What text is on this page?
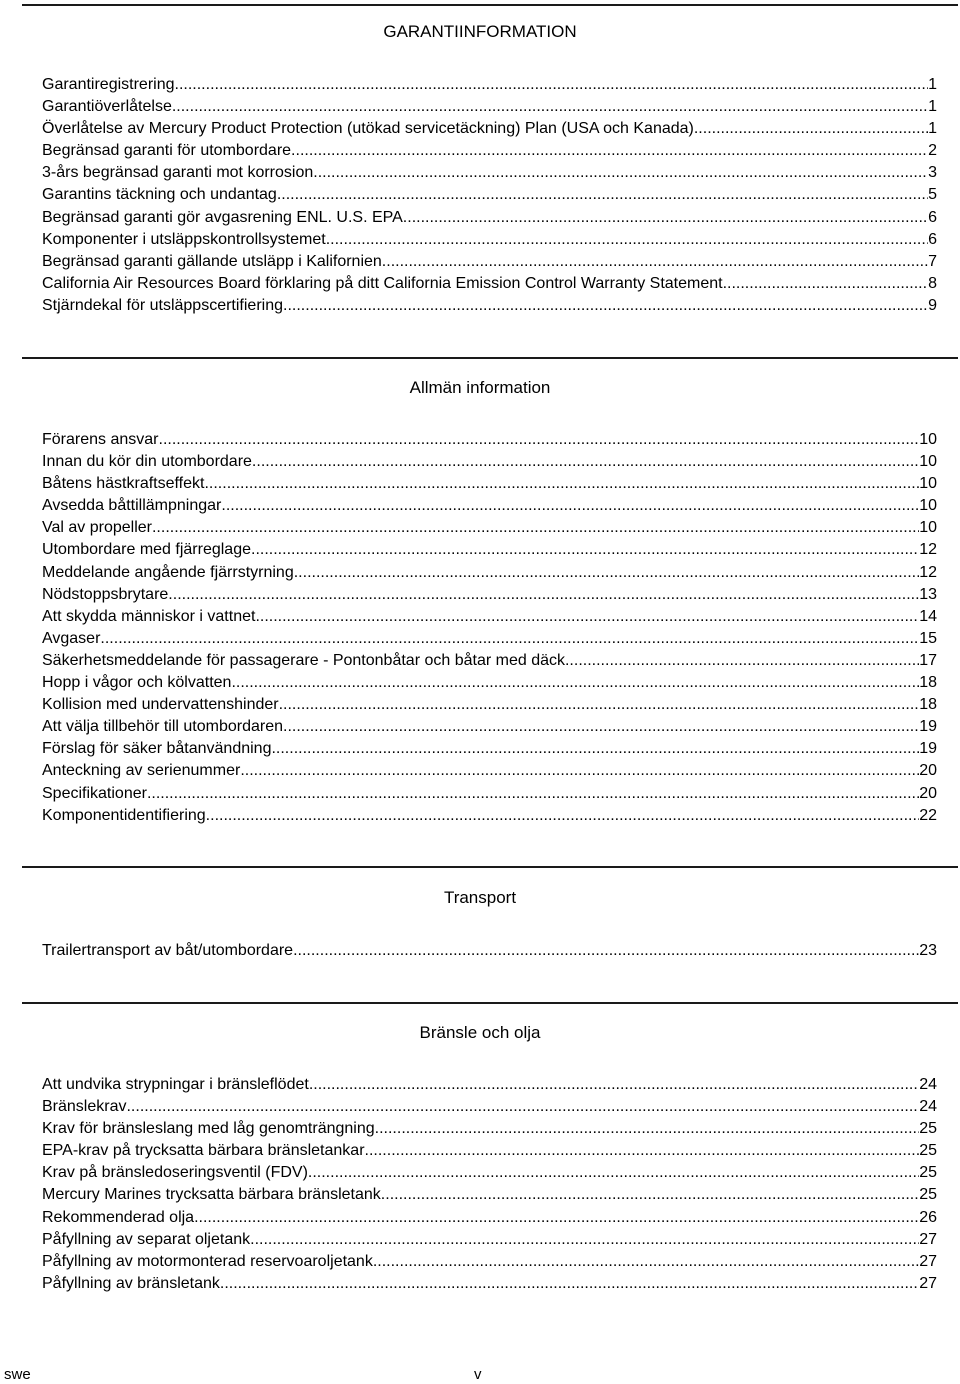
GARANTIINFORMATION
Garantiregistrering .....	1
Garantiöverlåtelse .....	1
Överlåtelse av Mercury Product Protection (utökad servicetäckning) Plan (USA och Kanada) .....	1
Begränsad garanti för utombordare .....	2
3-års begränsad garanti mot korrosion .....	3
Garantins täckning och undantag .....	5
Begränsad garanti gör avgasrening ENL. U.S. EPA .....	6
Komponenter i utsläppskontrollsystemet .....	6
Begränsad garanti gällande utsläpp i Kalifornien .....	7
California Air Resources Board förklaring på ditt California Emission Control Warranty Statement .....	8
Stjärndekal för utsläppscertifiering .....	9
Allmän information
Förarens ansvar .....	10
Innan du kör din utombordare .....	10
Båtens hästkraftseffekt .....	10
Avsedda båttillämpningar .....	10
Val av propeller .....	10
Utombordare med fjärreglage .....	12
Meddelande angående fjärrstyrning .....	12
Nödstoppsbrytare .....	13
Att skydda människor i vattnet .....	14
Avgaser .....	15
Säkerhetsmeddelande för passagerare - Pontonbåtar och båtar med däck .....	17
Hopp i vågor och kölvatten .....	18
Kollision med undervattenshinder .....	18
Att välja tillbehör till utombordaren .....	19
Förslag för säker båtanvändning .....	19
Anteckning av serienummer .....	20
Specifikationer .....	20
Komponentidentifiering .....	22
Transport
Trailertransport av båt/utombordare .....	23
Bränsle och olja
Att undvika strypningar i bränsleflödet .....	24
Bränslekrav .....	24
Krav för bränsleslang med låg genomträngning .....	25
EPA-krav på trycksatta bärbara bränsletankar .....	25
Krav på bränsledoseringsventil (FDV) .....	25
Mercury Marines trycksatta bärbara bränsletank .....	25
Rekommenderad olja .....	26
Påfyllning av separat oljetank .....	27
Påfyllning av motormonterad reservoaroljetank .....	27
Påfyllning av bränsletank .....	27
swe	v
